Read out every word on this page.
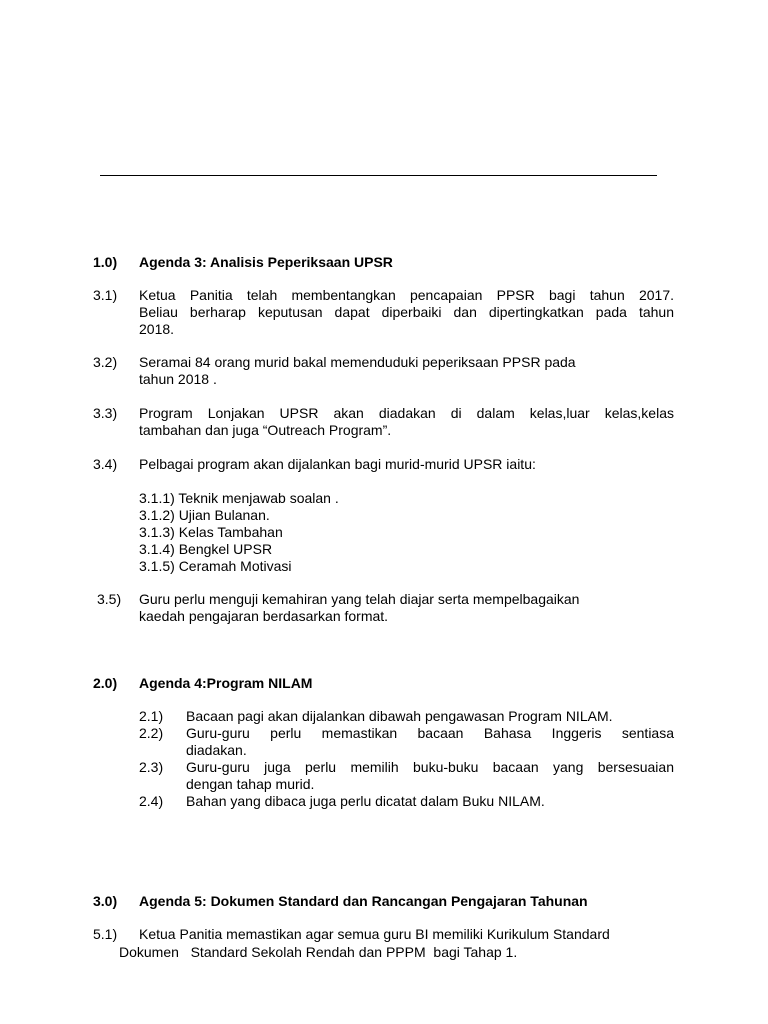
1.0) Agenda 3: Analisis Peperiksaan UPSR
3.1) Ketua Panitia telah membentangkan pencapaian PPSR bagi tahun 2017.
Beliau berharap keputusan dapat diperbaiki dan dipertingkatkan pada tahun
2018.
3.2) Seramai 84 orang murid bakal memenduduki peperiksaan PPSR pada
tahun 2018 .
3.3) Program Lonjakan UPSR akan diadakan di dalam kelas,luar kelas,kelas
tambahan dan juga “Outreach Program”.
3.4) Pelbagai program akan dijalankan bagi murid-murid UPSR iaitu:
3.1.1) Teknik menjawab soalan .
3.1.2) Ujian Bulanan.
3.1.3) Kelas Tambahan
3.1.4) Bengkel UPSR
3.1.5) Ceramah Motivasi
3.5) Guru perlu menguji kemahiran yang telah diajar serta mempelbagaikan
kaedah pengajaran berdasarkan format.
2.0) Agenda 4:Program NILAM
2.1) Bacaan pagi akan dijalankan dibawah pengawasan Program NILAM.
2.2) Guru-guru perlu memastikan bacaan Bahasa Inggeris sentiasa
diadakan.
2.3) Guru-guru juga perlu memilih buku-buku bacaan yang bersesuaian
dengan tahap murid.
2.4) Bahan yang dibaca juga perlu dicatat dalam Buku NILAM.
3.0) Agenda 5: Dokumen Standard dan Rancangan Pengajaran Tahunan
5.1) Ketua Panitia memastikan agar semua guru BI memiliki Kurikulum Standard
Dokumen   Standard Sekolah Rendah dan PPPM  bagi Tahap 1.
